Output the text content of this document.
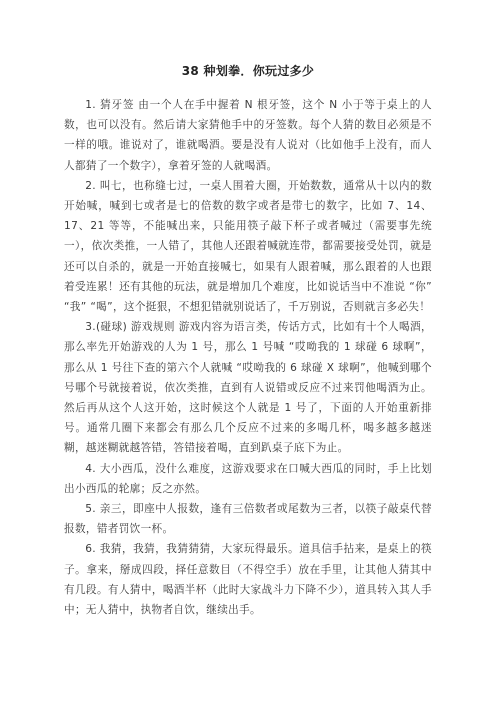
38 种划拳．你玩过多少

1. 猜牙签 由一个人在手中握着 N 根牙签，这个 N 小于等于桌上的人数，也可以没有。然后请大家猜他手中的牙签数。每个人猜的数目必须是不一样的哦。谁说对了，谁就喝酒。要是没有人说对（比如他手上没有，而人人都猜了一个数字），拿着牙签的人就喝酒。

2. 叫七，也称缝七过，一桌人围着大圈，开始数数，通常从十以内的数开始喊，喊到七或者是七的倍数的数字或者是带七的数字，比如 7、14、17、21 等等，不能喊出来，只能用筷子敲下杯子或者喊过（需要事先统一），依次类推，一人错了，其他人还跟着喊就连带，都需要接受处罚，就是还可以自杀的，就是一开始直接喊七，如果有人跟着喊，那么跟着的人也跟着受连累！还有其他的玩法，就是增加几个难度，比如说话当中不准说 “你” “我” “喝”，这个挺狠，不想犯错就别说话了，千万别说，否则就言多必失！

3.(碰球) 游戏规则 游戏内容为语言类，传话方式，比如有十个人喝酒，那么率先开始游戏的人为 1 号，那么 1 号喊 “哎呦我的 1 球碰 6 球啊”，那么从 1 号往下查的第六个人就喊 “哎呦我的 6 球碰 X 球啊”，他喊到哪个号哪个号就接着说，依次类推，直到有人说错或反应不过来罚他喝酒为止。然后再从这个人这开始，这时候这个人就是 1 号了，下面的人开始重新排号。通常几圈下来都会有那么几个反应不过来的多喝几杯，喝多越多越迷糊，越迷糊就越答错，答错接着喝，直到趴桌子底下为止。

4. 大小西瓜，没什么难度，这游戏要求在口喊大西瓜的同时，手上比划出小西瓜的轮廓；反之亦然。

5. 亲三，即座中人报数，逢有三倍数者或尾数为三者，以筷子敲桌代替报数，错者罚饮一杯。

6. 我猜，我猜，我猜猜猜，大家玩得最乐。道具信手拈来，是桌上的筷子。拿来，掰成四段，择任意数目（不得空手）放在手里，让其他人猜其中有几段。有人猜中，喝酒半杯（此时大家战斗力下降不少），道具转入其人手中；无人猜中，执物者自饮，继续出手。
